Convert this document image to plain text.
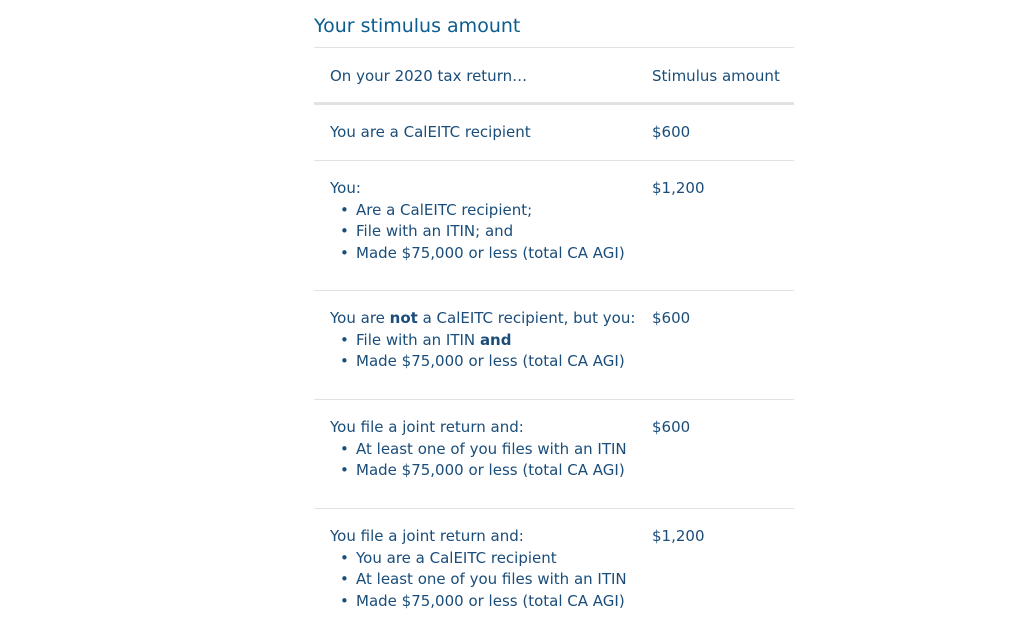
Your stimulus amount
On your 2020 tax return…	Stimulus amount
You are a CalEITC recipient	$600
You:
• Are a CalEITC recipient;
• File with an ITIN; and
• Made $75,000 or less (total CA AGI)
$1,200
You are not a CalEITC recipient, but you:
• File with an ITIN and
• Made $75,000 or less (total CA AGI)
$600
You file a joint return and:
• At least one of you files with an ITIN
• Made $75,000 or less (total CA AGI)
$600
You file a joint return and:
• You are a CalEITC recipient
• At least one of you files with an ITIN
• Made $75,000 or less (total CA AGI)
$1,200
